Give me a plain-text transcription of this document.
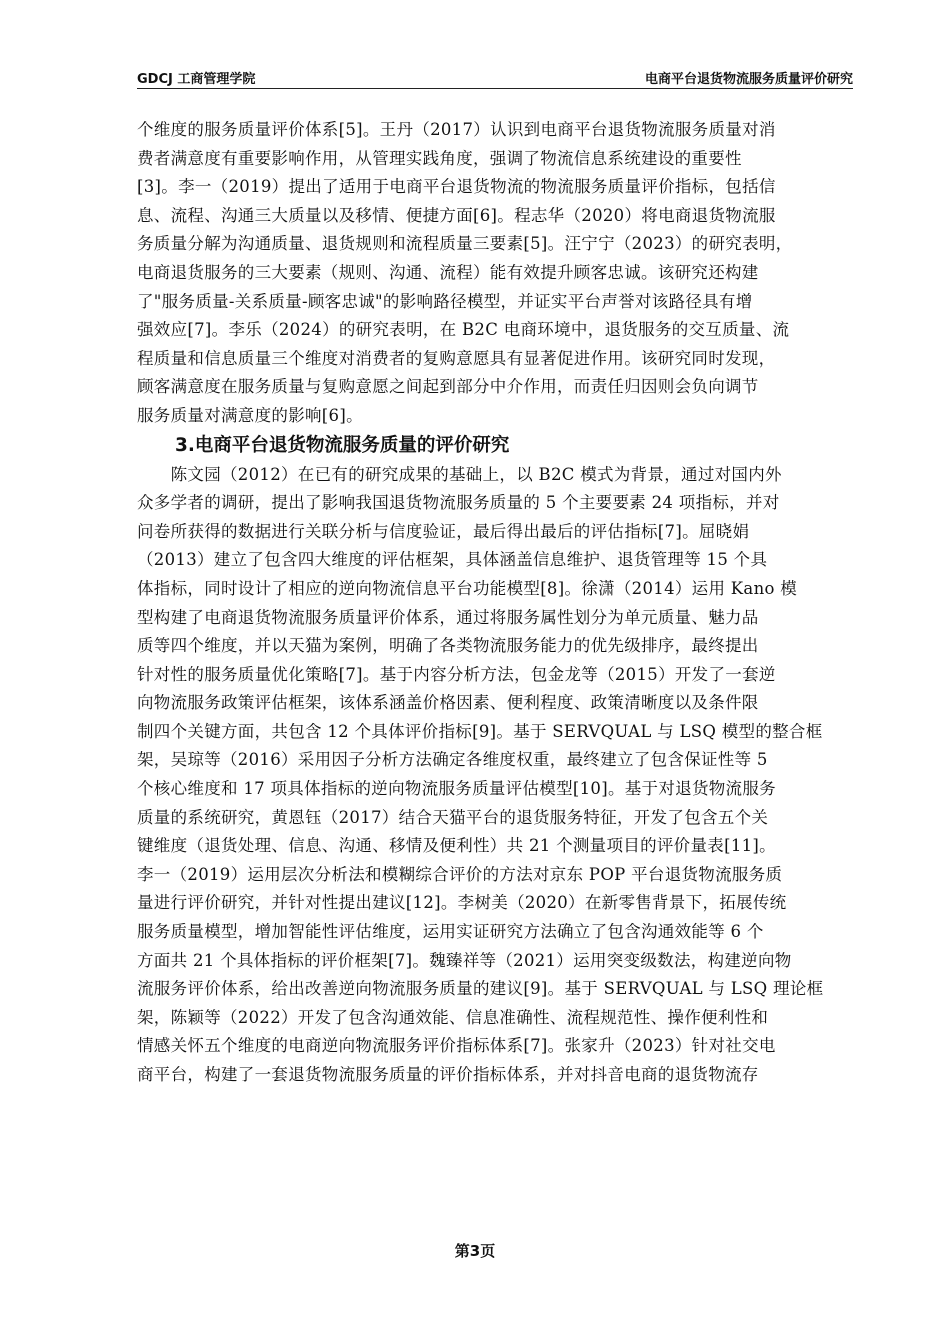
GDCJ 工商管理学院	电商平台退货物流服务质量评价研究
个维度的服务质量评价体系[5]。王丹（2017）认识到电商平台退货物流服务质量对消
费者满意度有重要影响作用，从管理实践角度，强调了物流信息系统建设的重要性
[3]。李一（2019）提出了适用于电商平台退货物流的物流服务质量评价指标，包括信
息、流程、沟通三大质量以及移情、便捷方面[6]。程志华（2020）将电商退货物流服
务质量分解为沟通质量、退货规则和流程质量三要素[5]。汪宁宁（2023）的研究表明，
电商退货服务的三大要素（规则、沟通、流程）能有效提升顾客忠诚。该研究还构建
了"服务质量-关系质量-顾客忠诚"的影响路径模型，并证实平台声誉对该路径具有增
强效应[7]。李乐（2024）的研究表明，在 B2C 电商环境中，退货服务的交互质量、流
程质量和信息质量三个维度对消费者的复购意愿具有显著促进作用。该研究同时发现，
顾客满意度在服务质量与复购意愿之间起到部分中介作用，而责任归因则会负向调节
服务质量对满意度的影响[6]。
3.电商平台退货物流服务质量的评价研究
　　陈文园（2012）在已有的研究成果的基础上，以 B2C 模式为背景，通过对国内外
众多学者的调研，提出了影响我国退货物流服务质量的 5 个主要要素 24 项指标，并对
问卷所获得的数据进行关联分析与信度验证，最后得出最后的评估指标[7]。屈晓娟
（2013）建立了包含四大维度的评估框架，具体涵盖信息维护、退货管理等 15 个具
体指标，同时设计了相应的逆向物流信息平台功能模型[8]。徐潇（2014）运用 Kano 模
型构建了电商退货物流服务质量评价体系，通过将服务属性划分为单元质量、魅力品
质等四个维度，并以天猫为案例，明确了各类物流服务能力的优先级排序，最终提出
针对性的服务质量优化策略[7]。基于内容分析方法，包金龙等（2015）开发了一套逆
向物流服务政策评估框架，该体系涵盖价格因素、便利程度、政策清晰度以及条件限
制四个关键方面，共包含 12 个具体评价指标[9]。基于 SERVQUAL 与 LSQ 模型的整合框
架，吴琼等（2016）采用因子分析方法确定各维度权重，最终建立了包含保证性等 5
个核心维度和 17 项具体指标的逆向物流服务质量评估模型[10]。基于对退货物流服务
质量的系统研究，黄恩钰（2017）结合天猫平台的退货服务特征，开发了包含五个关
键维度（退货处理、信息、沟通、移情及便利性）共 21 个测量项目的评价量表[11]。
李一（2019）运用层次分析法和模糊综合评价的方法对京东 POP 平台退货物流服务质
量进行评价研究，并针对性提出建议[12]。李树美（2020）在新零售背景下，拓展传统
服务质量模型，增加智能性评估维度，运用实证研究方法确立了包含沟通效能等 6 个
方面共 21 个具体指标的评价框架[7]。魏臻祥等（2021）运用突变级数法，构建逆向物
流服务评价体系，给出改善逆向物流服务质量的建议[9]。基于 SERVQUAL 与 LSQ 理论框
架，陈颖等（2022）开发了包含沟通效能、信息准确性、流程规范性、操作便利性和
情感关怀五个维度的电商逆向物流服务评价指标体系[7]。张家升（2023）针对社交电
商平台，构建了一套退货物流服务质量的评价指标体系，并对抖音电商的退货物流存
第3页
